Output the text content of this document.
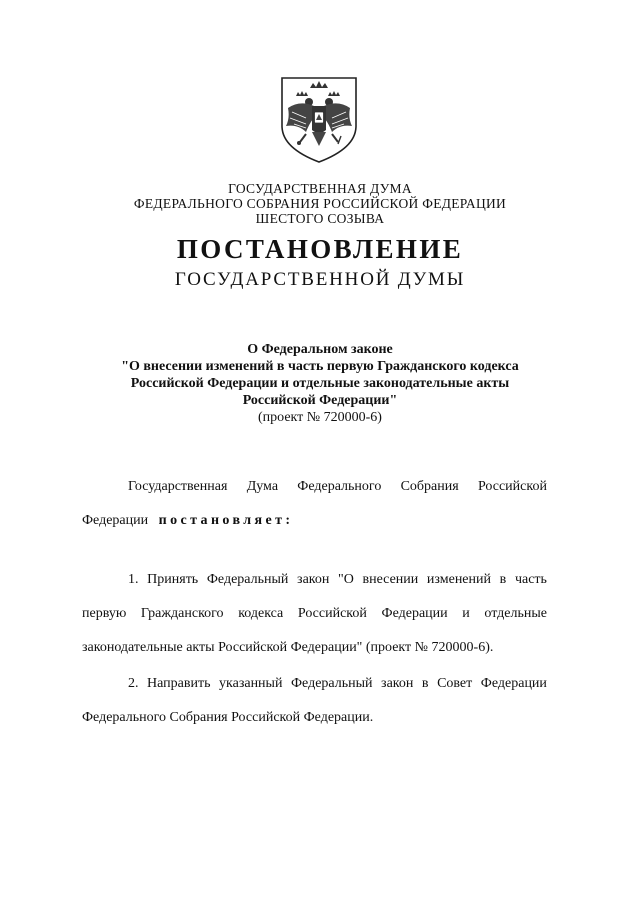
ГОСУДАРСТВЕННАЯ ДУМА
ФЕДЕРАЛЬНОГО СОБРАНИЯ РОССИЙСКОЙ ФЕДЕРАЦИИ
ШЕСТОГО СОЗЫВА
ПОСТАНОВЛЕНИЕ
ГОСУДАРСТВЕННОЙ ДУМЫ
О Федеральном законе
"О внесении изменений в часть первую Гражданского кодекса
Российской Федерации и отдельные законодательные акты
Российской Федерации"
(проект № 720000-6)
Государственная Дума Федерального Собрания Российской
Федерации постановляет:
1. Принять Федеральный закон "О внесении изменений в часть
первую Гражданского кодекса Российской Федерации и отдельные
законодательные акты Российской Федерации" (проект № 720000-6).
2. Направить указанный Федеральный закон в Совет Федерации
Федерального Собрания Российской Федерации.
